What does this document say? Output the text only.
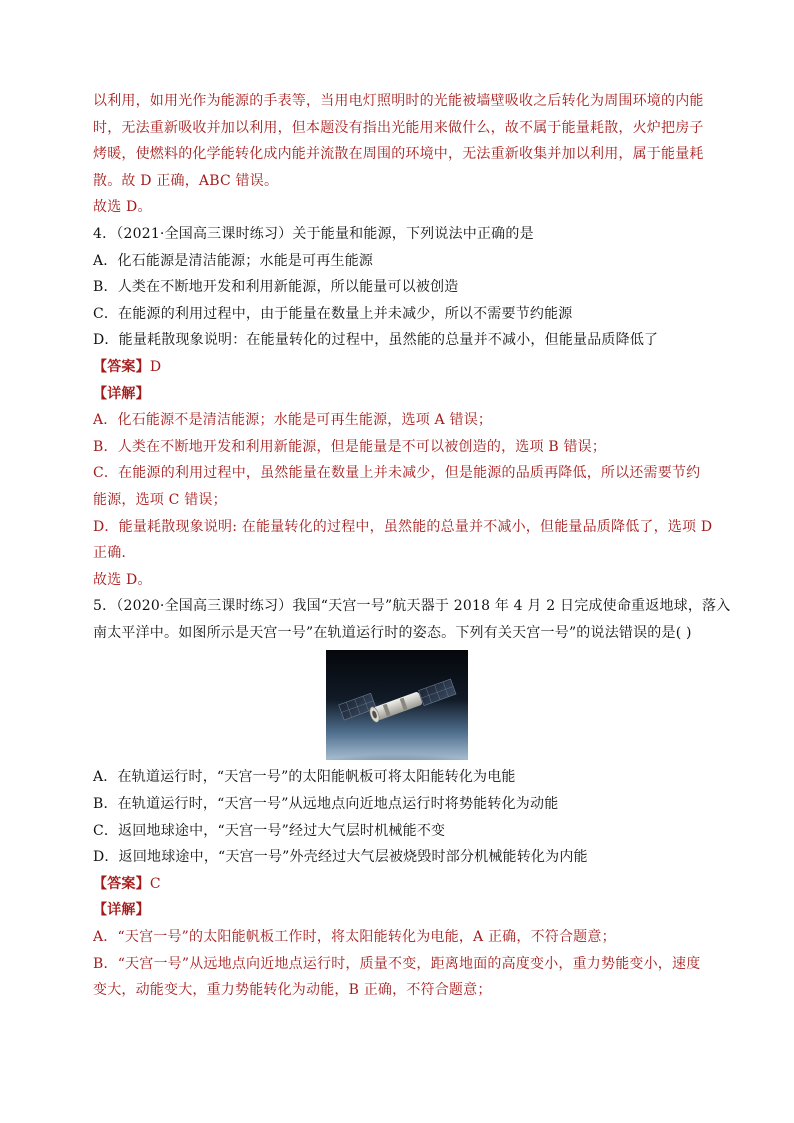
以利用，如用光作为能源的手表等，当用电灯照明时的光能被墙壁吸收之后转化为周围环境的内能
时，无法重新吸收并加以利用，但本题没有指出光能用来做什么，故不属于能量耗散，火炉把房子
烤暖，使燃料的化学能转化成内能并流散在周围的环境中，无法重新收集并加以利用，属于能量耗
散。故 D 正确，ABC 错误。
故选 D。
4．（2021·全国高三课时练习）关于能量和能源，下列说法中正确的是
A．化石能源是清洁能源；水能是可再生能源
B．人类在不断地开发和利用新能源，所以能量可以被创造
C．在能源的利用过程中，由于能量在数量上并未减少，所以不需要节约能源
D．能量耗散现象说明：在能量转化的过程中，虽然能的总量并不减小，但能量品质降低了
【答案】D
【详解】
A．化石能源不是清洁能源；水能是可再生能源，选项 A 错误；
B．人类在不断地开发和利用新能源，但是能量是不可以被创造的，选项 B 错误；
C．在能源的利用过程中，虽然能量在数量上并未减少，但是能源的品质再降低，所以还需要节约
能源，选项 C 错误；
D．能量耗散现象说明: 在能量转化的过程中，虽然能的总量并不减小，但能量品质降低了，选项 D
正确.
故选 D。
5．（2020·全国高三课时练习）我国“天宫一号”航天器于 2018 年 4 月 2 日完成使命重返地球，落入
南太平洋中。如图所示是天宫一号”在轨道运行时的姿态。下列有关天宫一号”的说法错误的是( )
A．在轨道运行时，“天宫一号”的太阳能帆板可将太阳能转化为电能
B．在轨道运行时，“天宫一号”从远地点向近地点运行时将势能转化为动能
C．返回地球途中，“天宫一号”经过大气层时机械能不变
D．返回地球途中，“天宫一号”外壳经过大气层被烧毁时部分机械能转化为内能
【答案】C
【详解】
A．“天宫一号”的太阳能帆板工作时，将太阳能转化为电能，A 正确，不符合题意；
B．“天宫一号”从远地点向近地点运行时，质量不变，距离地面的高度变小，重力势能变小，速度
变大，动能变大，重力势能转化为动能，B 正确，不符合题意；
